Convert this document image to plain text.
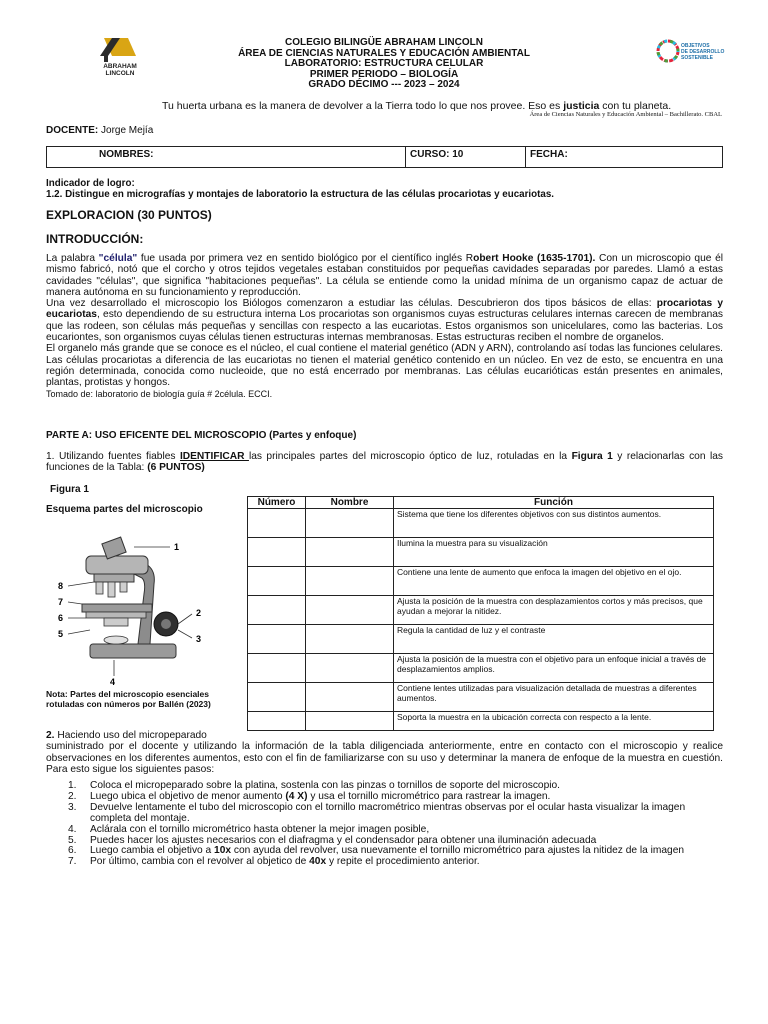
ABRAHAM
LINCOLN
COLEGIO BILINGÜE ABRAHAM LINCOLN
ÁREA DE CIENCIAS NATURALES Y EDUCACIÓN AMBIENTAL
LABORATORIO: ESTRUCTURA CELULAR
PRIMER PERIODO – BIOLOGÍA
GRADO DÉCIMO --- 2023 – 2024
OBJETIVOS
DE DESARROLLO
SOSTENIBLE
Tu huerta urbana es la manera de devolver a la Tierra todo lo que nos provee. Eso es justicia con tu planeta.
Área de Ciencias Naturales y Educación Ambiental – Bachillerato. CBAL
DOCENTE: Jorge Mejía
NOMBRES:	CURSO: 10	FECHA:
Indicador de logro:
1.2. Distingue en micrografías y montajes de laboratorio la estructura de las células procariotas y eucariotas.
EXPLORACION (30 PUNTOS)
INTRODUCCIÓN:

La palabra "célula" fue usada por primera vez en sentido biológico por el científico inglés Robert Hooke (1635-1701). Con un microscopio que él mismo fabricó, notó que el corcho y otros tejidos vegetales estaban constituidos por pequeñas cavidades separadas por paredes. Llamó a estas cavidades "células", que significa "habitaciones pequeñas". La célula se entiende como la unidad mínima de un organismo capaz de actuar de manera autónoma en su funcionamiento y reproducción.

Una vez desarrollado el microscopio los Biólogos comenzaron a estudiar las células. Descubrieron dos tipos básicos de ellas: procariotas y eucariotas, esto dependiendo de su estructura interna Los procariotas son organismos cuyas estructuras celulares internas carecen de membranas que las rodeen, son células más pequeñas y sencillas con respecto a las eucariotas. Estos organismos son unicelulares, como las bacterias. Los eucariontes, son organismos cuyas células tienen estructuras internas membranosas. Estas estructuras reciben el nombre de organelos.

El organelo más grande que se conoce es el núcleo, el cual contiene el material genético (ADN y ARN), controlando así todas las funciones celulares. Las células procariotas a diferencia de las eucariotas no tienen el material genético contenido en un núcleo. En vez de esto, se encuentra en una región determinada, conocida como nucleoide, que no está encerrado por membranas. Las células eucarióticas están presentes en animales, plantas, protistas y hongos.

Tomado de: laboratorio de biología guía # 2célula. ECCI.

PARTE A: USO EFICENTE DEL MICROSCOPIO (Partes y enfoque)
1. Utilizando fuentes fiables IDENTIFICAR las principales partes del microscopio óptico de luz, rotuladas en la Figura 1 y relacionarlas con las funciones de la Tabla: (6 PUNTOS)
Figura 1
Esquema partes del microscopio
1
2
3
4
5
6
7
8
Nota: Partes del microscopio esenciales rotuladas con números por Ballén (2023)
Número	Nombre	Función
		Sistema que tiene los diferentes objetivos con sus distintos aumentos.
		Ilumina la muestra para su visualización
		Contiene una lente de aumento que enfoca la imagen del objetivo en el ojo.
		Ajusta la posición de la muestra con desplazamientos cortos y más precisos, que ayudan a mejorar la nitidez.
		Regula la cantidad de luz y el contraste
		Ajusta la posición de la muestra con el objetivo para un enfoque inicial a través de desplazamientos amplios.
		Contiene lentes utilizadas para visualización detallada de muestras a diferentes aumentos.
		Soporta la muestra en la ubicación correcta con respecto a la lente.
2. Haciendo uso del micropeparado
suministrado por el docente y utilizando la información de la tabla diligenciada anteriormente, entre en contacto con el microscopio y realice observaciones en los diferentes aumentos, esto con el fin de familiarizarse con su uso y determinar la manera de enfoque de la muestra en cuestión. Para esto sigue los siguientes pasos:
1.	Coloca el micropeparado sobre la platina, sostenla con las pinzas o tornillos de soporte del microscopio.
2.	Luego ubica el objetivo de menor aumento (4 X) y usa el tornillo micrométrico para rastrear la imagen.
3.	Devuelve lentamente el tubo del microscopio con el tornillo macrométrico mientras observas por el ocular hasta visualizar la imagen completa del montaje.
4.	Aclárala con el tornillo micrométrico hasta obtener la mejor imagen posible,
5.	Puedes hacer los ajustes necesarios con el diafragma y el condensador para obtener una iluminación adecuada
6.	Luego cambia el objetivo a 10x con ayuda del revolver, usa nuevamente el tornillo micrométrico para ajustes la nitidez de la imagen
7.	Por último, cambia con el revolver al objetico de 40x y repite el procedimiento anterior.
